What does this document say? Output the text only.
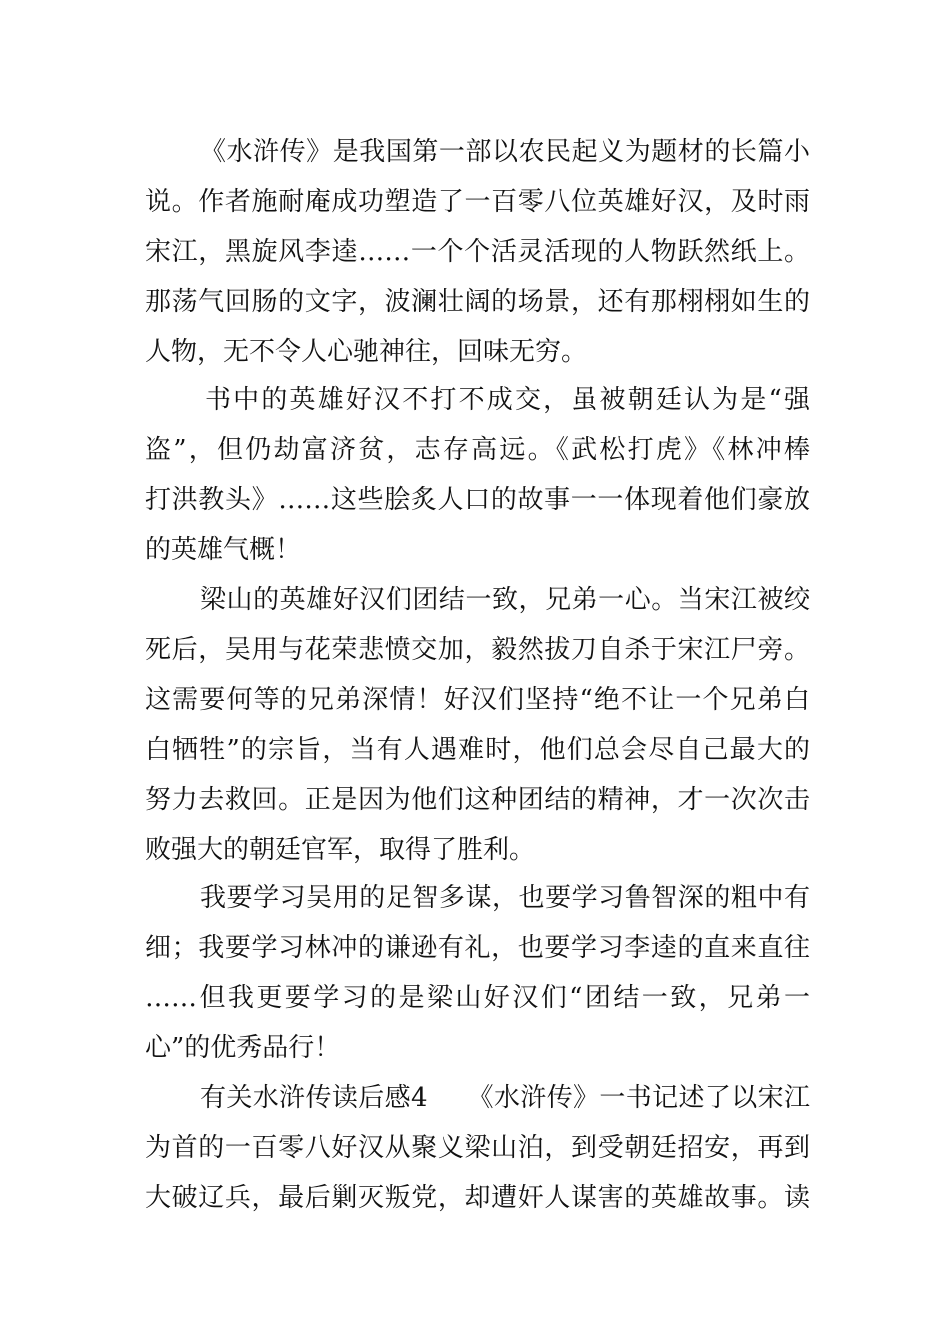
《水浒传》是我国第一部以农民起义为题材的长篇小
说。作者施耐庵成功塑造了一百零八位英雄好汉，及时雨
宋江，黑旋风李逵……一个个活灵活现的人物跃然纸上。
那荡气回肠的文字，波澜壮阔的场景，还有那栩栩如生的
人物，无不令人心驰神往，回味无穷。
书中的英雄好汉不打不成交，虽被朝廷认为是“强
盗”，但仍劫富济贫，志存高远。《武松打虎》《林冲棒
打洪教头》……这些脍炙人口的故事一一体现着他们豪放
的英雄气概！
梁山的英雄好汉们团结一致，兄弟一心。当宋江被绞
死后，吴用与花荣悲愤交加，毅然拔刀自杀于宋江尸旁。
这需要何等的兄弟深情！好汉们坚持“绝不让一个兄弟白
白牺牲”的宗旨，当有人遇难时，他们总会尽自己最大的
努力去救回。正是因为他们这种团结的精神，才一次次击
败强大的朝廷官军，取得了胜利。
我要学习吴用的足智多谋，也要学习鲁智深的粗中有
细；我要学习林冲的谦逊有礼，也要学习李逵的直来直往
……但我更要学习的是梁山好汉们“团结一致，兄弟一
心”的优秀品行！
有关水浒传读后感4　　《水浒传》一书记述了以宋江
为首的一百零八好汉从聚义梁山泊，到受朝廷招安，再到
大破辽兵，最后剿灭叛党，却遭奸人谋害的英雄故事。读
